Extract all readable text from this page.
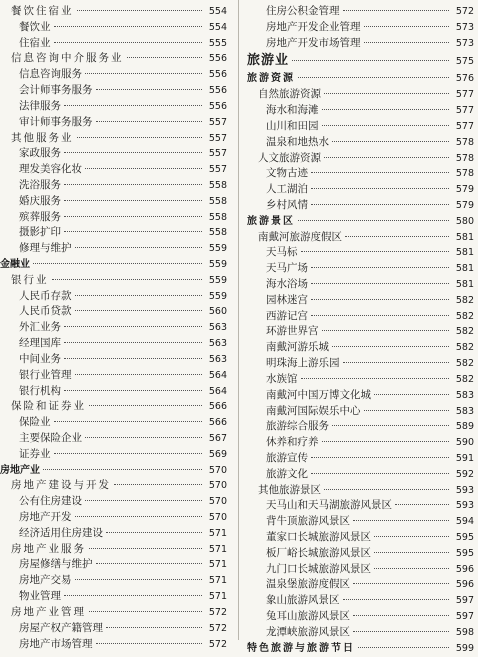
餐饮住宿业	554
餐饮业	554
住宿业	555
信息咨询中介服务业	556
信息咨询服务	556
会计师事务服务	556
法律服务	556
审计师事务服务	557
其他服务业	557
家政服务	557
理发美容化妆	557
洗浴服务	558
婚庆服务	558
殡葬服务	558
摄影扩印	558
修理与维护	559
金融业	559
银行业	559
人民币存款	559
人民币贷款	560
外汇业务	563
经理国库	563
中间业务	563
银行业管理	564
银行机构	564
保险和证券业	566
保险业	566
主要保险企业	567
证券业	569
房地产业	570
房地产建设与开发	570
公有住房建设	570
房地产开发	570
经济适用住房建设	571
房地产业服务	571
房屋修缮与维护	571
房地产交易	571
物业管理	571
房地产业管理	572
房屋产权产籍管理	572
房地产市场管理	572
住房公积金管理	572
房地产开发企业管理	573
房地产开发市场管理	573
旅游业	575
旅游资源	576
自然旅游资源	577
海水和海滩	577
山川和田园	577
温泉和地热水	578
人文旅游资源	578
文物古迹	578
人工湖泊	579
乡村风情	579
旅游景区	580
南戴河旅游度假区	581
天马标	581
天马广场	581
海水浴场	581
园林迷宫	582
西游记宫	582
环游世界宫	582
南戴河游乐城	582
明珠海上游乐园	582
水族馆	582
南戴河中国万博文化城	583
南戴河国际娱乐中心	583
旅游综合服务	589
休养和疗养	590
旅游宣传	591
旅游文化	592
其他旅游景区	593
天马山和天马湖旅游风景区	593
背牛顶旅游风景区	594
董家口长城旅游风景区	595
板厂峪长城旅游风景区	595
九门口长城旅游风景区	596
温泉堡旅游度假区	596
象山旅游风景区	597
兔耳山旅游风景区	597
龙潭峡旅游风景区	598
特色旅游与旅游节日	599
